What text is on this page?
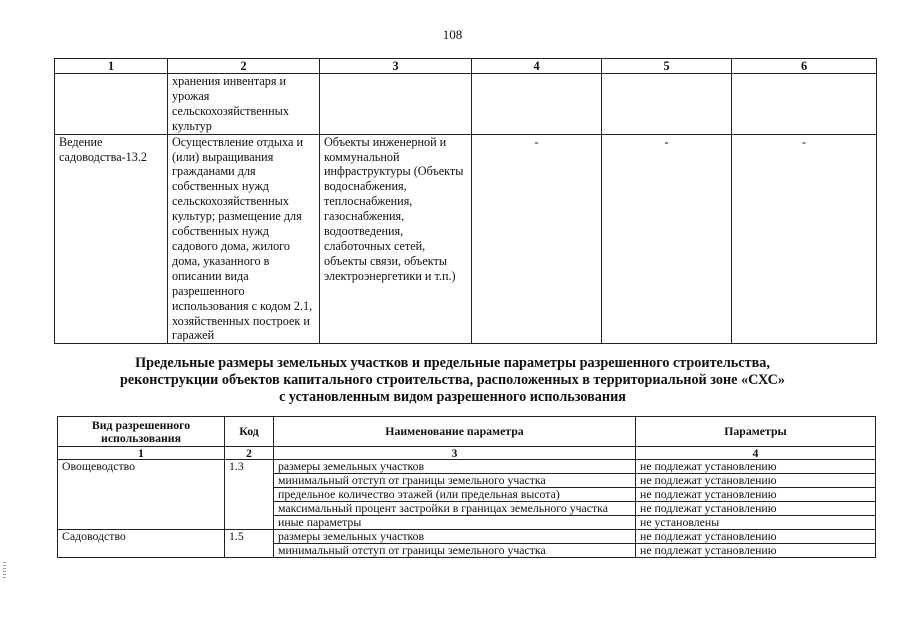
108
1	2	3	4	5	6
	хранения инвентаря и урожая сельскохозяйственных культур				
Ведение садоводства-13.2	Осуществление отдыха и (или) выращивания гражданами для собственных нужд сельскохозяйственных культур; размещение для собственных нужд садового дома, жилого дома, указанного в описании вида разрешенного использования с кодом 2.1, хозяйственных построек и гаражей	Объекты инженерной и коммунальной инфраструктуры (Объекты водоснабжения, теплоснабжения, газоснабжения, водоотведения, слаботочных сетей, объекты связи, объекты электроэнергетики и т.п.)	-	-	-
Предельные размеры земельных участков и предельные параметры разрешенного строительства,
реконструкции объектов капитального строительства, расположенных в территориальной зоне «СХС»
с установленным видом разрешенного использования
Вид разрешенного использования	Код	Наименование параметра	Параметры
1	2	3	4
Овощеводство	1.3	размеры земельных участков	не подлежат установлению
		минимальный отступ от границы земельного участка	не подлежат установлению
		предельное количество этажей (или предельная высота)	не подлежат установлению
		максимальный процент застройки в границах земельного участка	не подлежат установлению
		иные параметры	не установлены
Садоводство	1.5	размеры земельных участков	не подлежат установлению
		минимальный отступ от границы земельного участка	не подлежат установлению
